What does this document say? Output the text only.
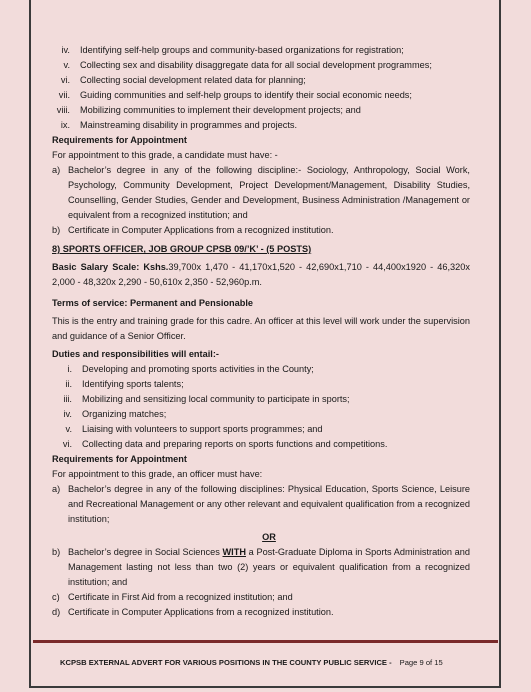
iv.	Identifying self-help groups and community-based organizations for registration;
v.	Collecting sex and disability disaggregate data for all social development programmes;
vi.	Collecting social development related data for planning;
vii.	Guiding communities and self-help groups to identify their social economic needs;
viii.	Mobilizing communities to implement their development projects; and
ix.	Mainstreaming disability in programmes and projects.
Requirements for Appointment
For appointment to this grade, a candidate must have: -
a) Bachelor’s degree in any of the following discipline:- Sociology, Anthropology, Social Work, Psychology, Community Development, Project Development/Management, Disability Studies, Counselling, Gender Studies, Gender and Development, Business Administration /Management or equivalent from a recognized institution; and
b) Certificate in Computer Applications from a recognized institution.
8) SPORTS OFFICER, JOB GROUP CPSB 09/’K’ - (5 POSTS)
Basic Salary Scale: Kshs.39,700x 1,470 - 41,170x1,520 - 42,690x1,710 - 44,400x1920 - 46,320x 2,000 - 48,320x 2,290 - 50,610x 2,350 - 52,960p.m.
Terms of service: Permanent and Pensionable
This is the entry and training grade for this cadre. An officer at this level will work under the supervision and guidance of a Senior Officer.
Duties and responsibilities will entail:-
i.	Developing and promoting sports activities in the County;
ii.	Identifying sports talents;
iii.	Mobilizing and sensitizing local community to participate in sports;
iv.	Organizing matches;
v.	Liaising with volunteers to support sports programmes; and
vi.	Collecting data and preparing reports on sports functions and competitions.
Requirements for Appointment
For appointment to this grade, an officer must have:
a) Bachelor’s degree in any of the following disciplines: Physical Education, Sports Science, Leisure and Recreational Management or any other relevant and equivalent qualification from a recognized institution;
OR
b) Bachelor’s degree in Social Sciences WITH a Post-Graduate Diploma in Sports Administration and Management lasting not less than two (2) years or equivalent qualification from a recognized institution; and
c) Certificate in First Aid from a recognized institution; and
d) Certificate in Computer Applications from a recognized institution.
KCPSB EXTERNAL ADVERT FOR VARIOUS POSITIONS IN THE COUNTY PUBLIC SERVICE - Page 9 of 15
